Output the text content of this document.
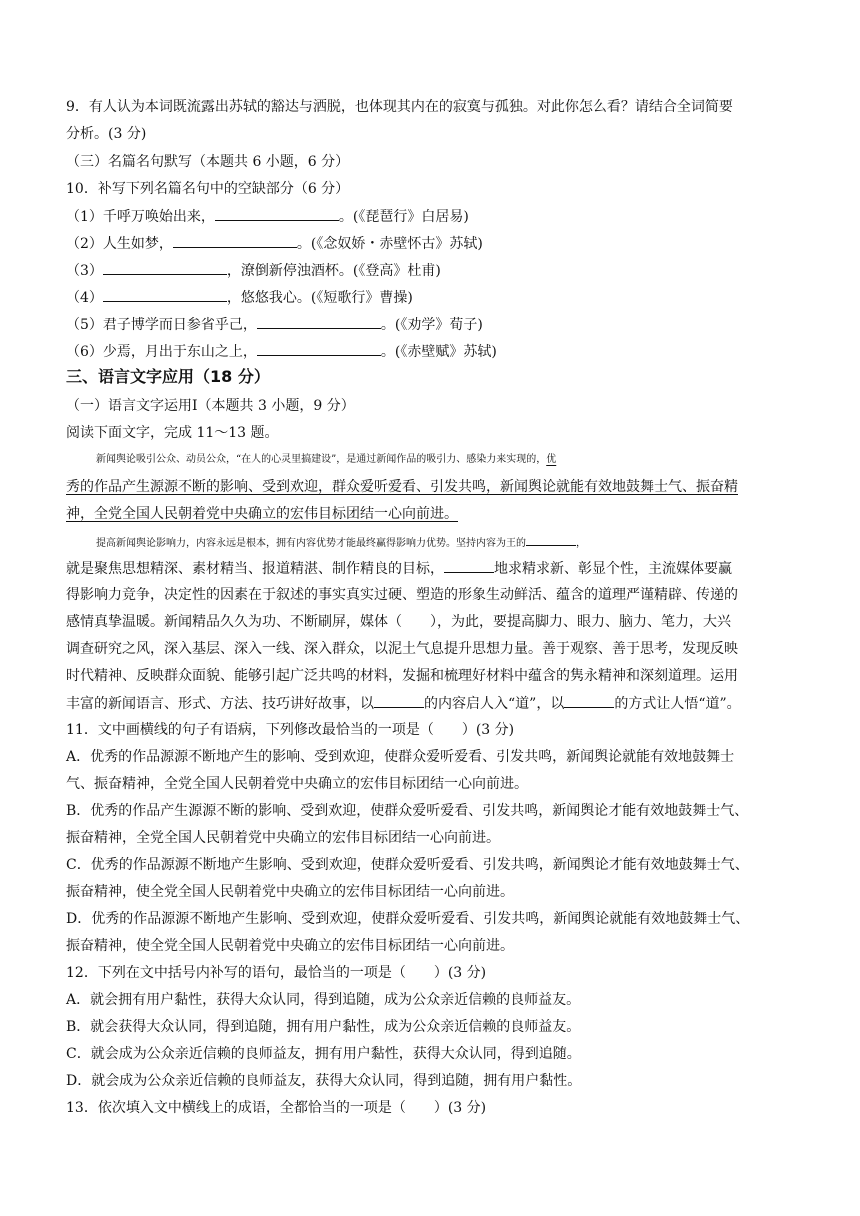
9．有人认为本词既流露出苏轼的豁达与洒脱，也体现其内在的寂寞与孤独。对此你怎么看？请结合全词简要
分析。(3 分)
（三）名篇名句默写（本题共 6 小题，6 分）
10．补写下列名篇名句中的空缺部分（6 分）
（1）千呼万唤始出来，	。(《琵琶行》白居易)
（2）人生如梦，	。(《念奴娇・赤壁怀古》苏轼)
（3）	，潦倒新停浊酒杯。(《登高》杜甫)
（4）	，悠悠我心。(《短歌行》曹操)
（5）君子博学而日参省乎己，	。(《劝学》荀子)
（6）少焉，月出于东山之上，	。(《赤壁赋》苏轼)
三、语言文字应用（18 分）
（一）语言文字运用Ⅰ（本题共 3 小题，9 分）
阅读下面文字，完成 11～13 题。
新闻舆论吸引公众、动员公众，“在人的心灵里搞建设”，是通过新闻作品的吸引力、感染力来实现的，优
秀的作品产生源源不断的影响、受到欢迎，群众爱听爱看、引发共鸣，新闻舆论就能有效地鼓舞士气、振奋精
神，全党全国人民朝着党中央确立的宏伟目标团结一心向前进。
提高新闻舆论影响力，内容永远是根本，拥有内容优势才能最终赢得影响力优势。坚持内容为王的	，
就是聚焦思想精深、素材精当、报道精湛、制作精良的目标，	地求精求新、彰显个性，主流媒体要赢
得影响力竞争，决定性的因素在于叙述的事实真实过硬、塑造的形象生动鲜活、蕴含的道理严谨精辟、传递的
感情真挚温暖。新闻精品久久为功、不断刷屏，媒体（　　），为此，要提高脚力、眼力、脑力、笔力，大兴
调查研究之风，深入基层、深入一线、深入群众，以泥土气息提升思想力量。善于观察、善于思考，发现反映
时代精神、反映群众面貌、能够引起广泛共鸣的材料，发掘和梳理好材料中蕴含的隽永精神和深刻道理。运用
丰富的新闻语言、形式、方法、技巧讲好故事，以	的内容启人入“道”，以	的方式让人悟“道”。
11．文中画横线的句子有语病，下列修改最恰当的一项是（　　）(3 分)
A．优秀的作品源源不断地产生的影响、受到欢迎，使群众爱听爱看、引发共鸣，新闻舆论就能有效地鼓舞士
气、振奋精神，全党全国人民朝着党中央确立的宏伟目标团结一心向前进。
B．优秀的作品产生源源不断的影响、受到欢迎，使群众爱听爱看、引发共鸣，新闻舆论才能有效地鼓舞士气、
振奋精神，全党全国人民朝着党中央确立的宏伟目标团结一心向前进。
C．优秀的作品源源不断地产生影响、受到欢迎，使群众爱听爱看、引发共鸣，新闻舆论才能有效地鼓舞士气、
振奋精神，使全党全国人民朝着党中央确立的宏伟目标团结一心向前进。
D．优秀的作品源源不断地产生影响、受到欢迎，使群众爱听爱看、引发共鸣，新闻舆论就能有效地鼓舞士气、
振奋精神，使全党全国人民朝着党中央确立的宏伟目标团结一心向前进。
12．下列在文中括号内补写的语句，最恰当的一项是（　　）(3 分)
A．就会拥有用户黏性，获得大众认同，得到追随，成为公众亲近信赖的良师益友。
B．就会获得大众认同，得到追随，拥有用户黏性，成为公众亲近信赖的良师益友。
C．就会成为公众亲近信赖的良师益友，拥有用户黏性，获得大众认同，得到追随。
D．就会成为公众亲近信赖的良师益友，获得大众认同，得到追随，拥有用户黏性。
13．依次填入文中横线上的成语，全都恰当的一项是（　　）(3 分)
